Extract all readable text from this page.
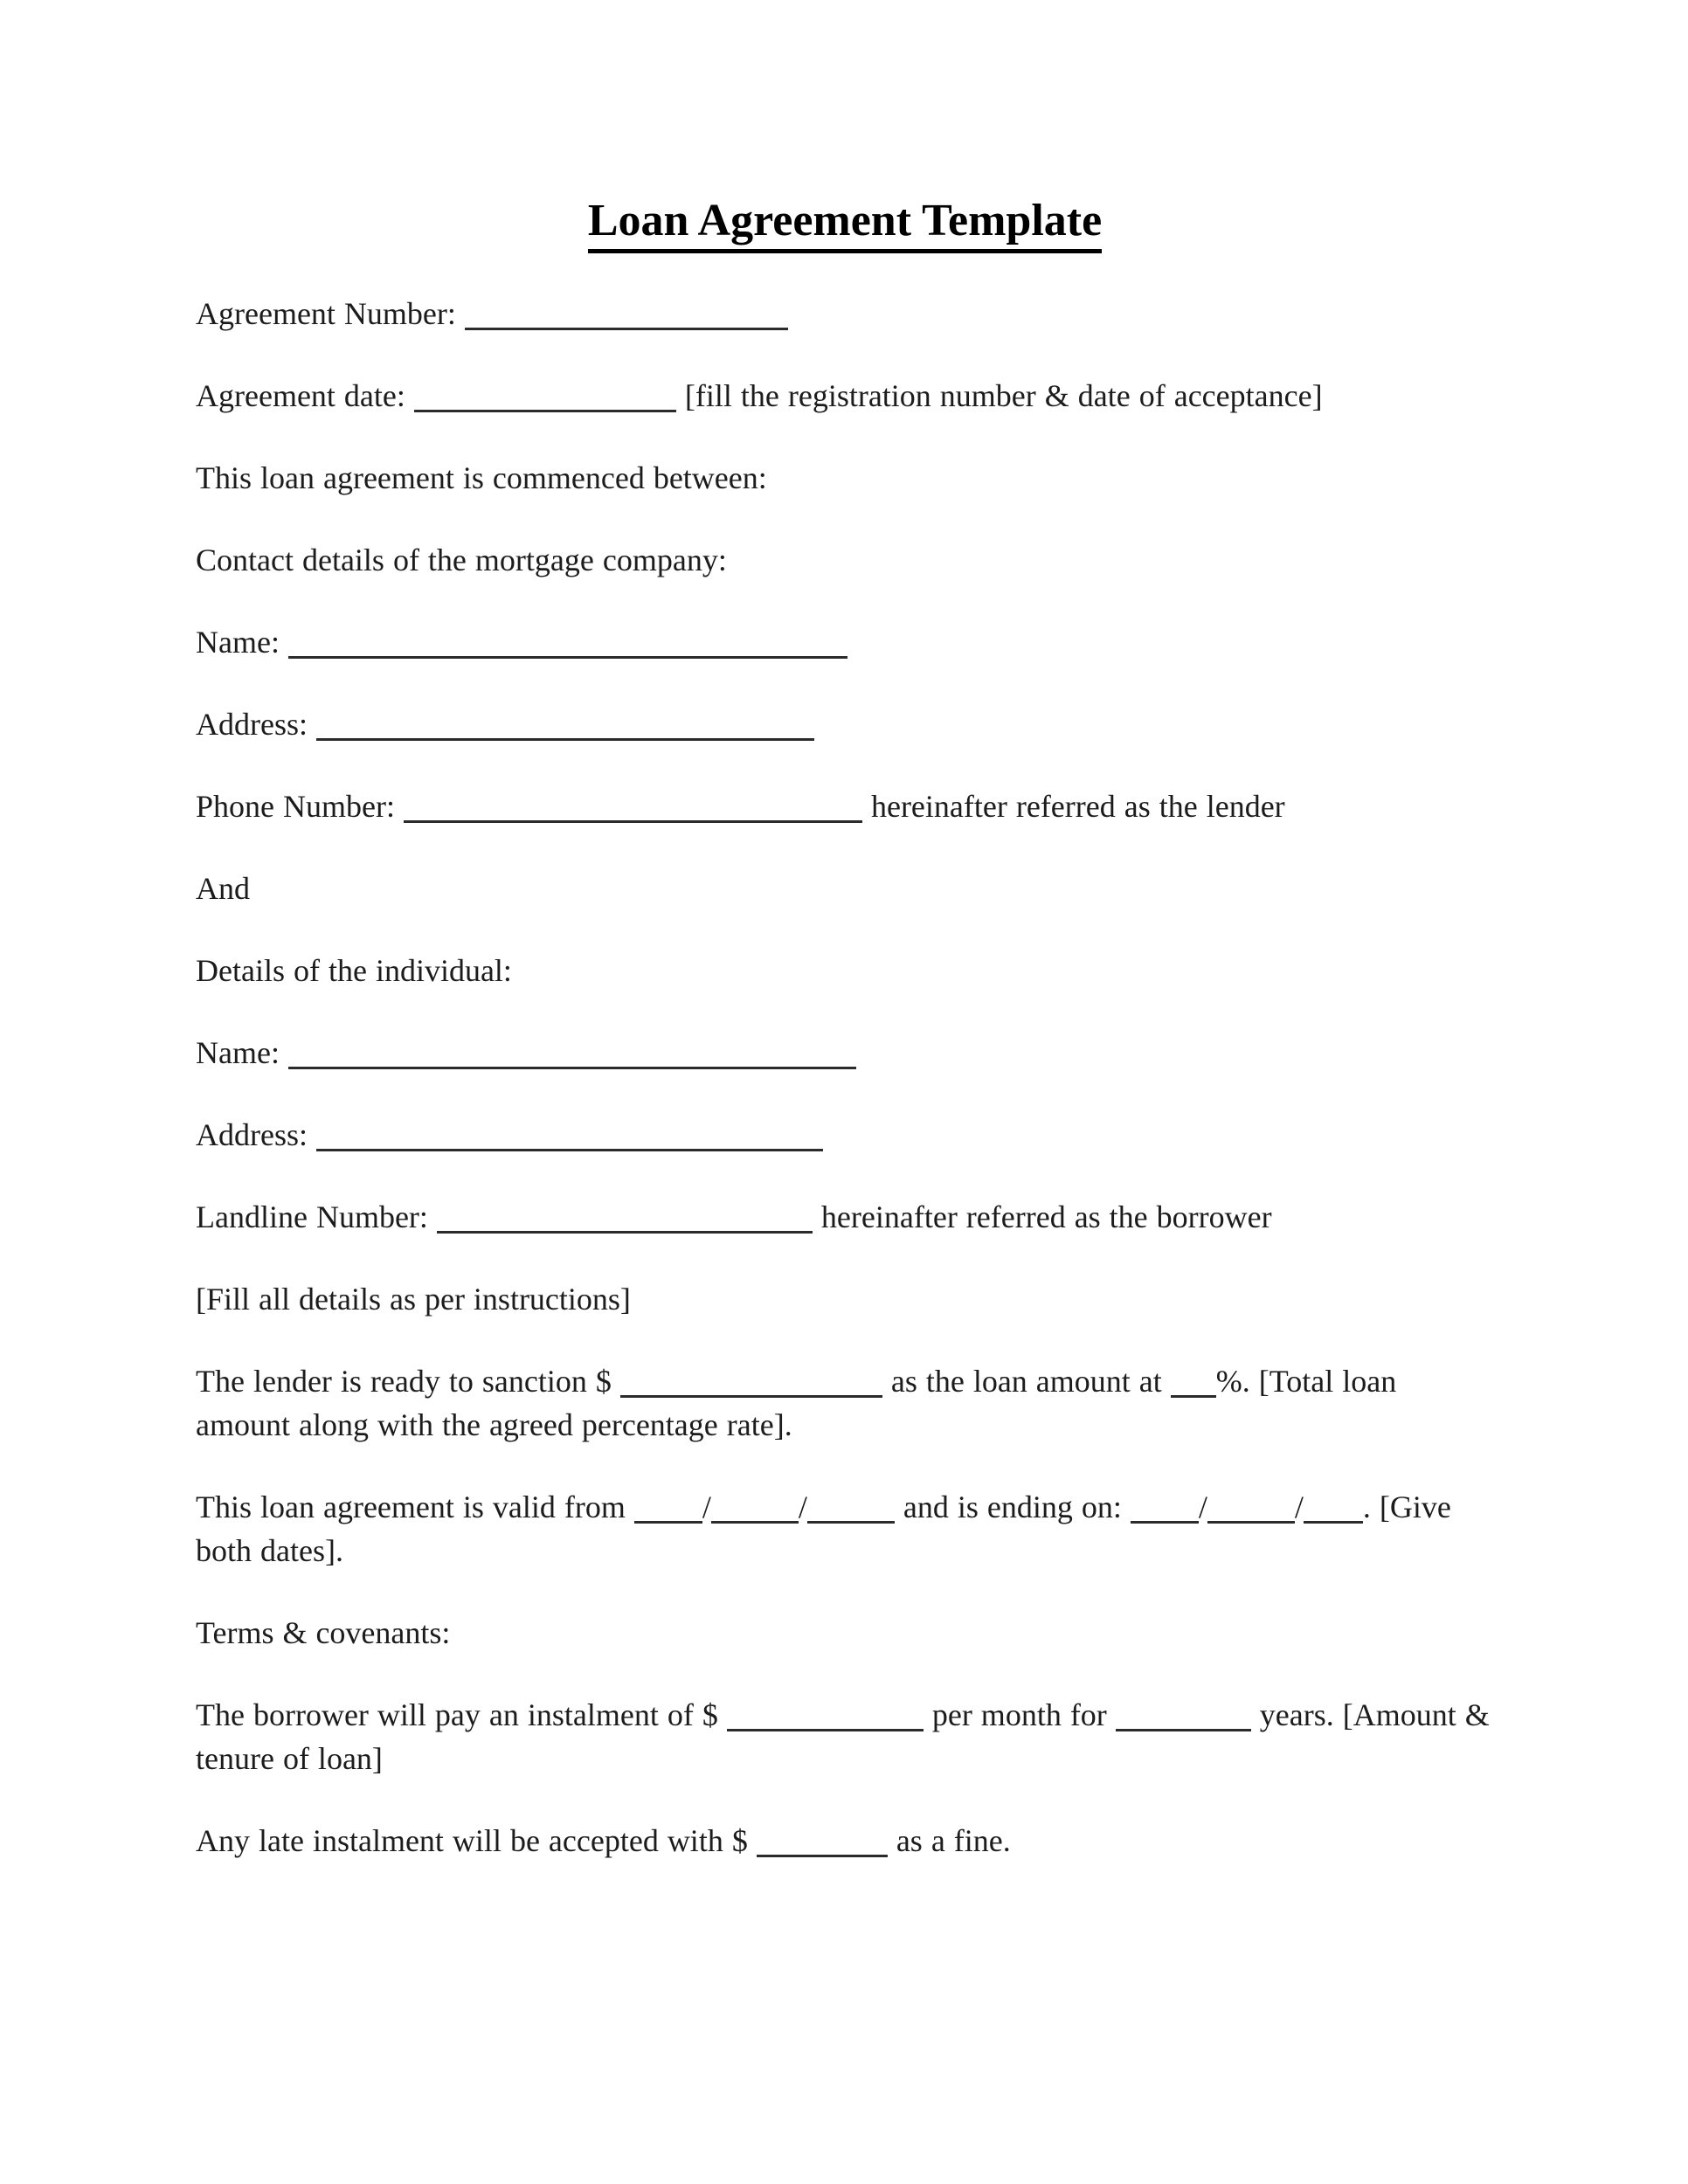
Loan Agreement Template

Agreement Number:

Agreement date:	[fill the registration number & date of acceptance]

This loan agreement is commenced between:

Contact details of the mortgage company:

Name:

Address:

Phone Number:	hereinafter referred as the lender

And

Details of the individual:

Name:

Address:

Landline Number:	hereinafter referred as the borrower

[Fill all details as per instructions]

The lender is ready to sanction $	as the loan amount at %. [Total loan amount along with the agreed percentage rate].

This loan agreement is valid from /	/	and is ending on: /	/ . [Give both dates].

Terms & covenants:

The borrower will pay an instalment of $	per month for	years. [Amount & tenure of loan]

Any late instalment will be accepted with $	as a fine.
